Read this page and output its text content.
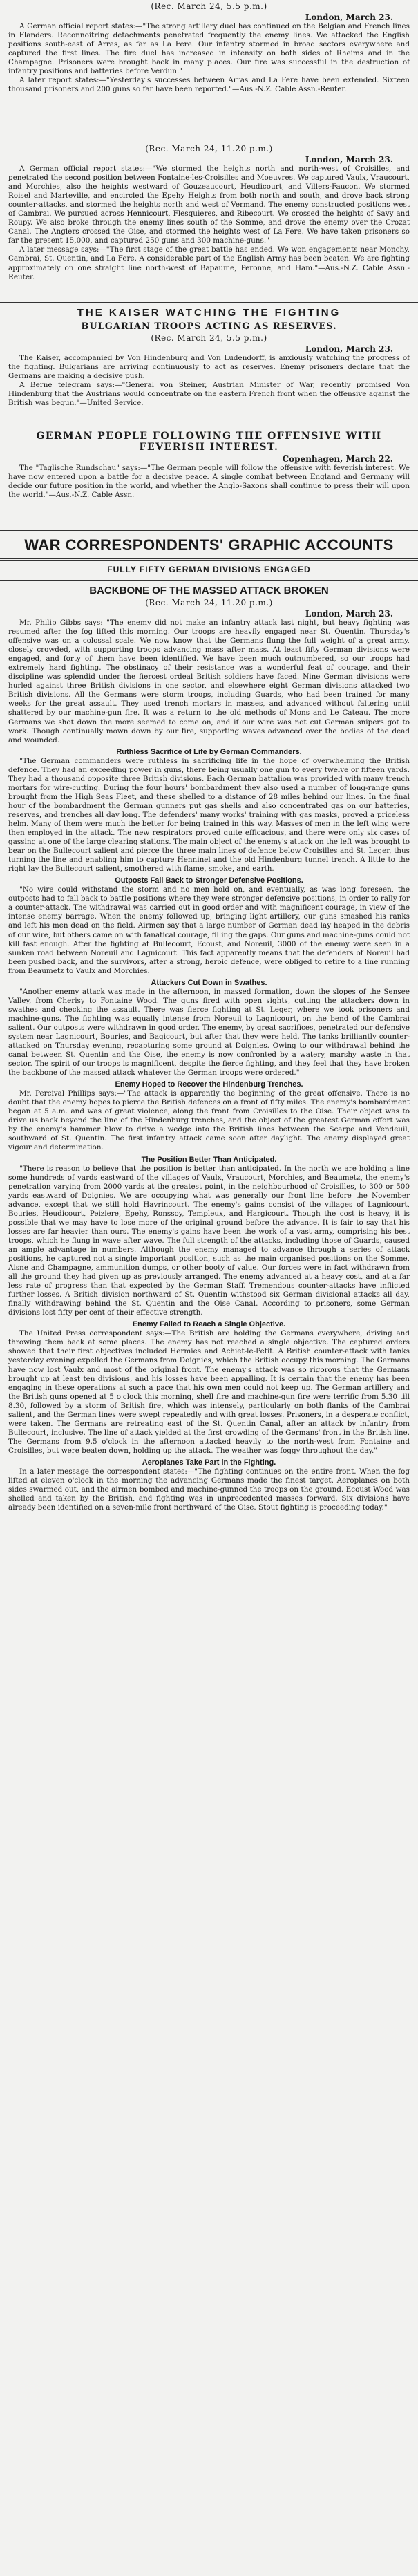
(Rec. March 24, 5.5 p.m.)

London, March 23.

A German official report states:—"The strong artillery duel has continued on the Belgian and French lines in Flanders. Reconnoitring detachments penetrated frequently the enemy lines. We attacked the English positions south-east of Arras, as far as La Fere. Our infantry stormed in broad sectors everywhere and captured the first lines. The fire duel has increased in intensity on both sides of Rheims and in the Champagne. Prisoners were brought back in many places. Our fire was successful in the destruction of infantry positions and batteries before Verdun."

A later report states:—"Yesterday's successes between Arras and La Fere have been extended. Sixteen thousand prisoners and 200 guns so far have been reported."—Aus.-N.Z. Cable Assn.-Reuter.

(Rec. March 24, 11.20 p.m.)

London, March 23.

A German official report states:—"We stormed the heights north and north-west of Croisilles, and penetrated the second position between Fontaine-les-Croisilles and Moeuvres. We captured Vaulx, Vraucourt, and Morchies, also the heights westward of Gouzeaucourt, Heudicourt, and Villers-Faucon. We stormed Roisel and Marteville, and encircled the Epehy Heights from both north and south, and drove back strong counter-attacks, and stormed the heights north and west of Vermand. The enemy constructed positions west of Cambrai. We pursued across Hennicourt, Flesquieres, and Ribecourt. We crossed the heights of Savy and Roupy. We also broke through the enemy lines south of the Somme, and drove the enemy over the Crozat Canal. The Anglers crossed the Oise, and stormed the heights west of La Fere. We have taken prisoners so far the present 15,000, and captured 250 guns and 300 machine-guns."

A later message says:—"The first stage of the great battle has ended. We won engagements near Monchy, Cambrai, St. Quentin, and La Fere. A considerable part of the English Army has been beaten. We are fighting approximately on one straight line north-west of Bapaume, Peronne, and Ham."—Aus.-N.Z. Cable Assn.-Reuter.

THE KAISER WATCHING THE FIGHTING
BULGARIAN TROOPS ACTING AS RESERVES.

(Rec. March 24, 5.5 p.m.)

London, March 23.

The Kaiser, accompanied by Von Hindenburg and Von Ludendorff, is anxiously watching the progress of the fighting. Bulgarians are arriving continuously to act as reserves. Enemy prisoners declare that the Germans are making a decisive push.

A Berne telegram says:—"General von Steiner, Austrian Minister of War, recently promised Von Hindenburg that the Austrians would concentrate on the eastern French front when the offensive against the British was begun."—United Service.

GERMAN PEOPLE FOLLOWING THE OFFENSIVE WITH
FEVERISH INTEREST.

Copenhagen, March 22.

The "Taglische Rundschau" says:—"The German people will follow the offensive with feverish interest. We have now entered upon a battle for a decisive peace. A single combat between England and Germany will decide our future position in the world, and whether the Anglo-Saxons shall continue to press their will upon the world."—Aus.-N.Z. Cable Assn.

WAR CORRESPONDENTS' GRAPHIC ACCOUNTS
FULLY FIFTY GERMAN DIVISIONS ENGAGED
BACKBONE OF THE MASSED ATTACK BROKEN

(Rec. March 24, 11.20 p.m.)

London, March 23.

Mr. Philip Gibbs says: "The enemy did not make an infantry attack last night, but heavy fighting was resumed after the fog lifted this morning. Our troops are heavily engaged near St. Quentin. Thursday's offensive was on a colossal scale. We now know that the Germans flung the full weight of a great army, closely crowded, with supporting troops advancing mass after mass. At least fifty German divisions were engaged, and forty of them have been identified. We have been much outnumbered, so our troops had extremely hard fighting. The obstinacy of their resistance was a wonderful feat of courage, and their discipline was splendid under the fiercest ordeal British soldiers have faced. Nine German divisions were hurled against three British divisions in one sector, and elsewhere eight German divisions attacked two British divisions. All the Germans were storm troops, including Guards, who had been trained for many weeks for the great assault. They used trench mortars in masses, and advanced without faltering until shattered by our machine-gun fire. It was a return to the old methods of Mons and Le Cateau. The more Germans we shot down the more seemed to come on, and if our wire was not cut German snipers got to work. Though continually mown down by our fire, supporting waves advanced over the bodies of the dead and wounded.

Ruthless Sacrifice of Life by German Commanders.

"The German commanders were ruthless in sacrificing life in the hope of overwhelming the British defence. They had an exceeding power in guns, there being usually one gun to every twelve or fifteen yards. They had a thousand opposite three British divisions. Each German battalion was provided with many trench mortars for wire-cutting. During the four hours' bombardment they also used a number of long-range guns brought from the High Seas Fleet, and these shelled to a distance of 28 miles behind our lines. In the final hour of the bombardment the German gunners put gas shells and also concentrated gas on our batteries, reserves, and trenches all day long. The defenders' many works' training with gas masks, proved a priceless helm. Many of them were much the better for being trained in this way. Masses of men in the left wing were then employed in the attack. The new respirators proved quite efficacious, and there were only six cases of gassing at one of the large clearing stations. The main object of the enemy's attack on the left was brought to bear on the Bullecourt salient and pierce the three main lines of defence below Croisilles and St. Leger, thus turning the line and enabling him to capture Henninel and the old Hindenburg tunnel trench. A little to the right lay the Bullecourt salient, smothered with flame, smoke, and earth.

Outposts Fall Back to Stronger Defensive Positions.

"No wire could withstand the storm and no men hold on, and eventually, as was long foreseen, the outposts had to fall back to battle positions where they were stronger defensive positions, in order to rally for a counter-attack. The withdrawal was carried out in good order and with magnificent courage, in view of the intense enemy barrage. When the enemy followed up, bringing light artillery, our guns smashed his ranks and left his men dead on the field. Airmen say that a large number of German dead lay heaped in the debris of our wire, but others came on with fanatical courage, filling the gaps. Our guns and machine-guns could not kill fast enough. After the fighting at Bullecourt, Ecoust, and Noreuil, 3000 of the enemy were seen in a sunken road between Noreuil and Lagnicourt. This fact apparently means that the defenders of Noreuil had been pushed back, and the survivors, after a strong, heroic defence, were obliged to retire to a line running from Beaumetz to Vaulx and Morchies.

Attackers Cut Down in Swathes.

"Another enemy attack was made in the afternoon, in massed formation, down the slopes of the Sensee Valley, from Cherisy to Fontaine Wood. The guns fired with open sights, cutting the attackers down in swathes and checking the assault. There was fierce fighting at St. Leger, where we took prisoners and machine-guns. The fighting was equally intense from Noreuil to Lagnicourt, on the bend of the Cambrai salient. Our outposts were withdrawn in good order. The enemy, by great sacrifices, penetrated our defensive system near Lagnicourt, Bouries, and Bagicourt, but after that they were held. The tanks brilliantly counter-attacked on Thursday evening, recapturing some ground at Doignies. Owing to our withdrawal behind the canal between St. Quentin and the Oise, the enemy is now confronted by a watery, marshy waste in that sector. The spirit of our troops is magnificent, despite the fierce fighting, and they feel that they have broken the backbone of the massed attack whatever the German troops were ordered."

Enemy Hoped to Recover the Hindenburg Trenches.

Mr. Percival Phillips says:—"The attack is apparently the beginning of the great offensive. There is no doubt that the enemy hopes to pierce the British defences on a front of fifty miles. The enemy's bombardment began at 5 a.m. and was of great violence, along the front from Croisilles to the Oise. Their object was to drive us back beyond the line of the Hindenburg trenches, and the object of the greatest German effort was by the enemy's hammer blow to drive a wedge into the British lines between the Scarpe and Vendeuil, southward of St. Quentin. The first infantry attack came soon after daylight. The enemy displayed great vigour and determination.

The Position Better Than Anticipated.

"There is reason to believe that the position is better than anticipated. In the north we are holding a line some hundreds of yards eastward of the villages of Vaulx, Vraucourt, Morchies, and Beaumetz, the enemy's penetration varying from 2000 yards at the greatest point, in the neighbourhood of Croisilles, to 300 or 500 yards eastward of Doignies. We are occupying what was generally our front line before the November advance, except that we still hold Havrincourt. The enemy's gains consist of the villages of Lagnicourt, Bouries, Heudicourt, Peiziere, Epehy, Ronssoy, Templeux, and Hargicourt. Though the cost is heavy, it is possible that we may have to lose more of the original ground before the advance. It is fair to say that his losses are far heavier than ours. The enemy's gains have been the work of a vast army, comprising his best troops, which he flung in wave after wave. The full strength of the attacks, including those of Guards, caused an ample advantage in numbers. Although the enemy managed to advance through a series of attack positions, he captured not a single important position, such as the main organised positions on the Somme, Aisne and Champagne, ammunition dumps, or other booty of value. Our forces were in fact withdrawn from all the ground they had given up as previously arranged. The enemy advanced at a heavy cost, and at a far less rate of progress than that expected by the German Staff. Tremendous counter-attacks have inflicted further losses. A British division northward of St. Quentin withstood six German divisional attacks all day, finally withdrawing behind the St. Quentin and the Oise Canal. According to prisoners, some German divisions lost fifty per cent of their effective strength.

Enemy Failed to Reach a Single Objective.

The United Press correspondent says:—The British are holding the Germans everywhere, driving and throwing them back at some places. The enemy has not reached a single objective. The captured orders showed that their first objectives included Hermies and Achiet-le-Petit. A British counter-attack with tanks yesterday evening expelled the Germans from Doignies, which the British occupy this morning. The Germans have now lost Vaulx and most of the original front. The enemy's attack was so rigorous that the Germans brought up at least ten divisions, and his losses have been appalling. It is certain that the enemy has been engaging in these operations at such a pace that his own men could not keep up. The German artillery and the British guns opened at 5 o'clock this morning, shell fire and machine-gun fire were terrific from 5.30 till 8.30, followed by a storm of British fire, which was intensely, particularly on both flanks of the Cambrai salient, and the German lines were swept repeatedly and with great losses. Prisoners, in a desperate conflict, were taken. The Germans are retreating east of the St. Quentin Canal, after an attack by infantry from Bullecourt, inclusive. The line of attack yielded at the first crowding of the Germans' front in the British line. The Germans from 9.5 o'clock in the afternoon attacked heavily to the north-west from Fontaine and Croisilles, but were beaten down, holding up the attack. The weather was foggy throughout the day."

Aeroplanes Take Part in the Fighting.

In a later message the correspondent states:—"The fighting continues on the entire front. When the fog lifted at eleven o'clock in the morning the advancing Germans made the finest target. Aeroplanes on both sides swarmed out, and the airmen bombed and machine-gunned the troops on the ground. Ecoust Wood was shelled and taken by the British, and fighting was in unprecedented masses forward. Six divisions have already been identified on a seven-mile front northward of the Oise. Stout fighting is proceeding today."
